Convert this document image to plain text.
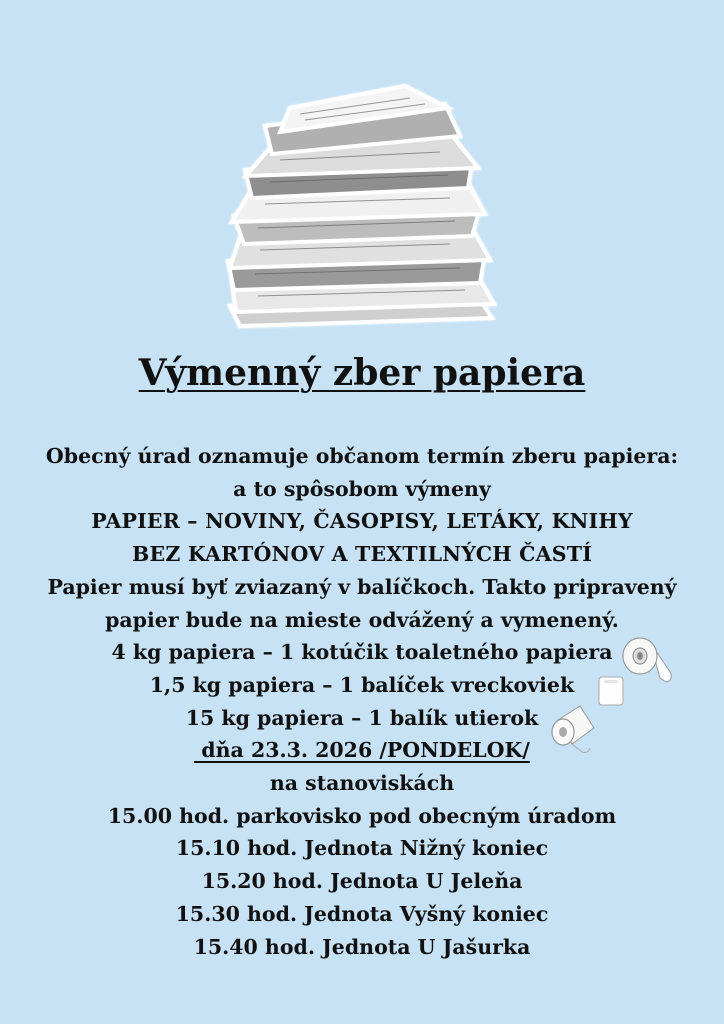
Výmenný zber papiera
Obecný úrad oznamuje občanom termín zberu papiera:
a to spôsobom výmeny
PAPIER – NOVINY, ČASOPISY, LETÁKY, KNIHY
BEZ KARTÓNOV A TEXTILNÝCH ČASTÍ
Papier musí byť zviazaný v balíčkoch. Takto pripravený
papier bude na mieste odvážený a vymenený.
4 kg papiera – 1 kotúčik toaletného papiera
1,5 kg papiera – 1 balíček vreckoviek
15 kg papiera – 1 balík utierok
dňa 23.3. 2026 /PONDELOK/
na stanoviskách
15.00 hod. parkovisko pod obecným úradom
15.10 hod. Jednota Nižný koniec
15.20 hod. Jednota U Jeleňa
15.30 hod. Jednota Vyšný koniec
15.40 hod. Jednota U Jašurka
